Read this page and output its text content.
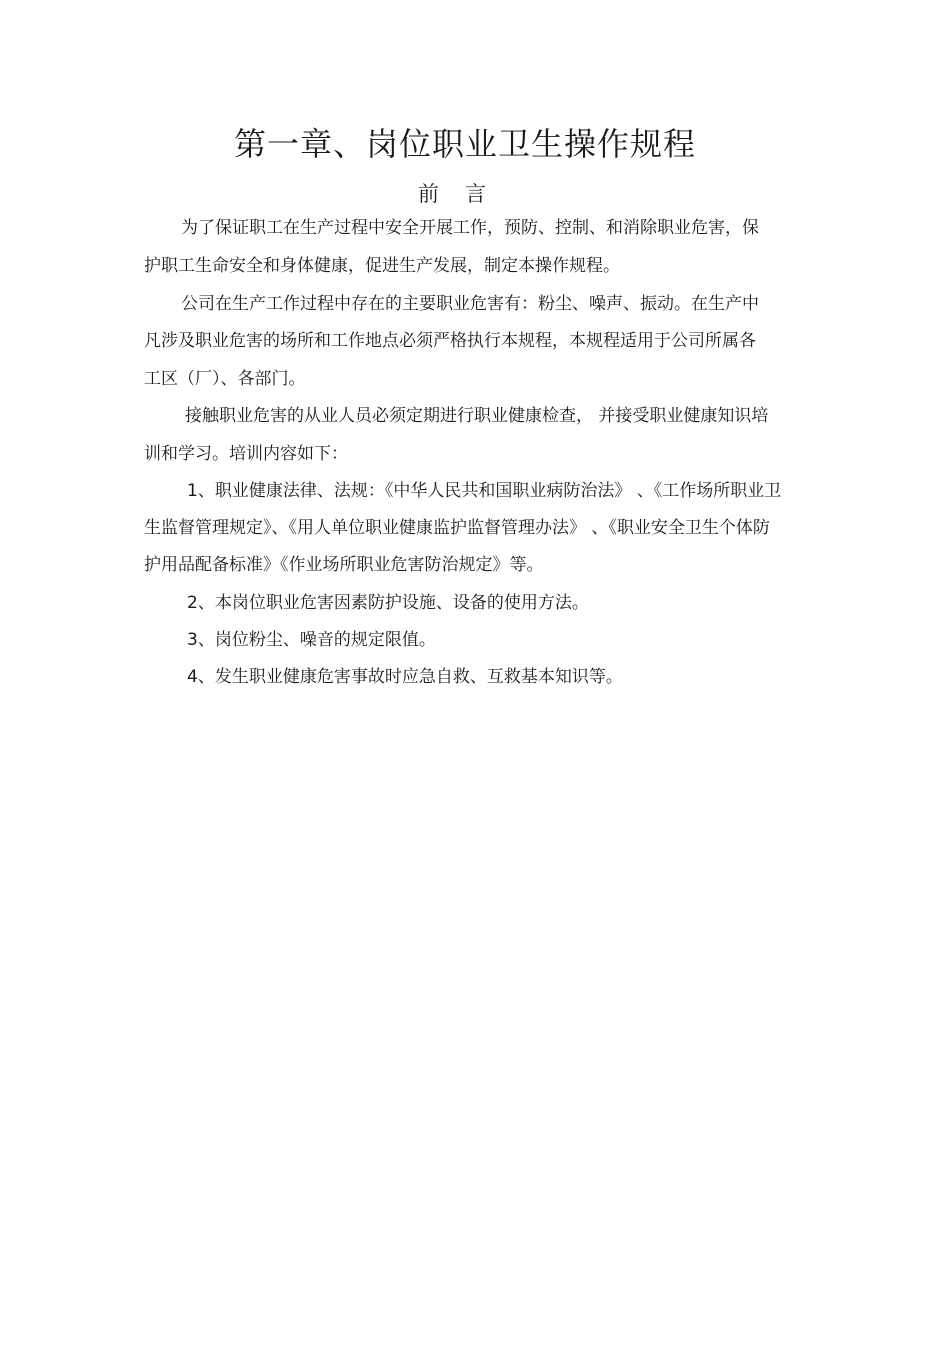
第一章、岗位职业卫生操作规程
前言
为了保证职工在生产过程中安全开展工作，预防、控制、和消除职业危害，保
护职工生命安全和身体健康，促进生产发展，制定本操作规程。
公司在生产工作过程中存在的主要职业危害有：粉尘、噪声、振动。在生产中
凡涉及职业危害的场所和工作地点必须严格执行本规程，本规程适用于公司所属各
工区（厂）、各部门。
接触职业危害的从业人员必须定期进行职业健康检查， 并接受职业健康知识培
训和学习。培训内容如下：
1、职业健康法律、法规：《中华人民共和国职业病防治法》 、《工作场所职业卫
生监督管理规定》、《用人单位职业健康监护监督管理办法》 、《职业安全卫生个体防
护用品配备标准》《作业场所职业危害防治规定》等。
2、本岗位职业危害因素防护设施、设备的使用方法。
3、岗位粉尘、噪音的规定限值。
4、发生职业健康危害事故时应急自救、互救基本知识等。
